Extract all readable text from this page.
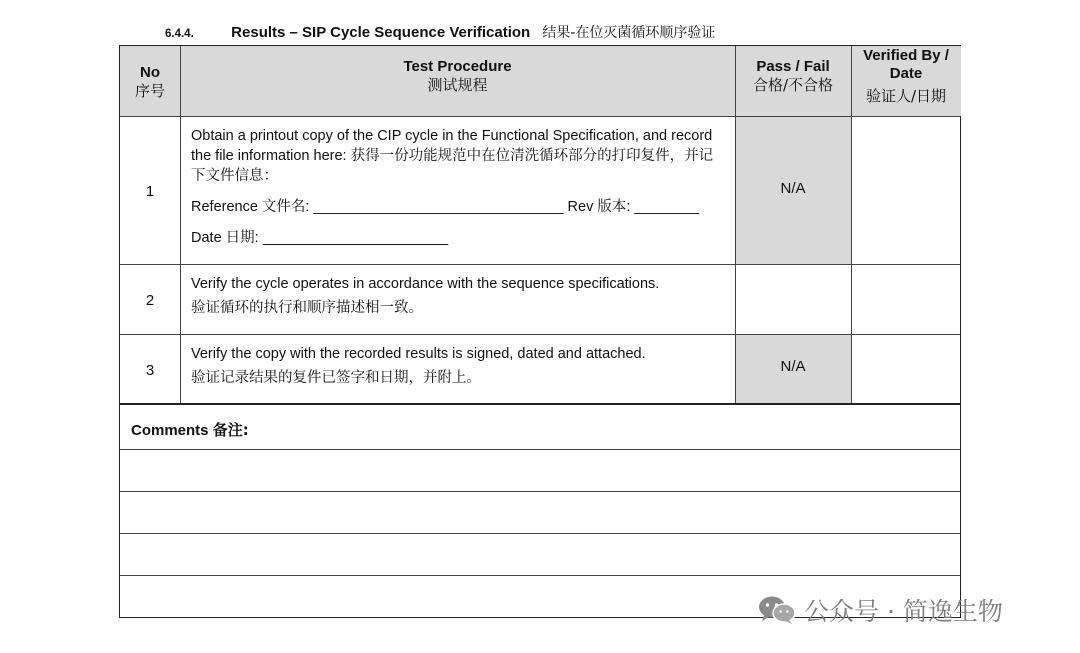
6.4.4. Results – SIP Cycle Sequence Verification 结果-在位灭菌循环顺序验证
No
序号
Test Procedure
测试规程
Pass / Fail
合格/不合格
Verified By / Date
验证人/日期
1

Obtain a printout copy of the CIP cycle in the Functional Specification, and record the file information here: 获得一份功能规范中在位清洗循环部分的打印复件，并记下文件信息：

Reference 文件名: _______________________________ Rev 版本: ________

Date 日期: _______________________

N/A
2

Verify the cycle operates in accordance with the sequence specifications.

验证循环的执行和顺序描述相一致。

3

Verify the copy with the recorded results is signed, dated and attached.

验证记录结果的复件已签字和日期，并附上。

N/A
Comments 备注:
公众号 · 简逸生物
